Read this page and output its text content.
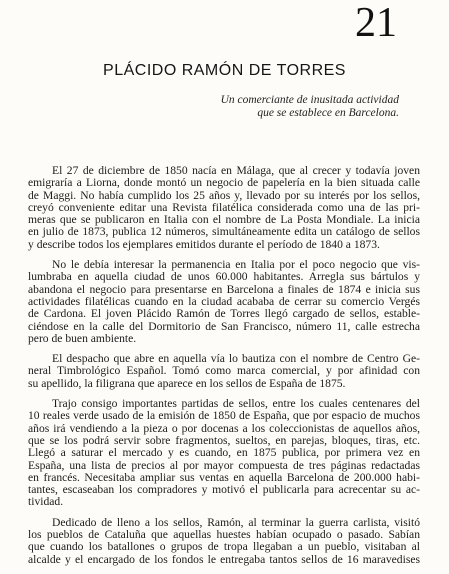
21
PLÁCIDO RAMÓN DE TORRES
Un comerciante de inusitada actividad
que se establece en Barcelona.
El 27 de diciembre de 1850 nacía en Málaga, que al crecer y todavía joven
emigraría a Liorna, donde montó un negocio de papelería en la bien situada calle
de Maggi. No había cumplido los 25 años y, llevado por su interés por los sellos,
creyó conveniente editar una Revista filatélica considerada como una de las pri-
meras que se publicaron en Italia con el nombre de La Posta Mondiale. La inicia
en julio de 1873, publica 12 números, simultáneamente edita un catálogo de sellos
y describe todos los ejemplares emitidos durante el período de 1840 a 1873.
No le debía interesar la permanencia en Italia por el poco negocio que vis-
lumbraba en aquella ciudad de unos 60.000 habitantes. Arregla sus bártulos y
abandona el negocio para presentarse en Barcelona a finales de 1874 e inicia sus
actividades filatélicas cuando en la ciudad acababa de cerrar su comercio Vergés
de Cardona. El joven Plácido Ramón de Torres llegó cargado de sellos, estable-
ciéndose en la calle del Dormitorio de San Francisco, número 11, calle estrecha
pero de buen ambiente.
El despacho que abre en aquella vía lo bautiza con el nombre de Centro Ge-
neral Timbrológico Español. Tomó como marca comercial, y por afinidad con
su apellido, la filigrana que aparece en los sellos de España de 1875.
Trajo consigo importantes partidas de sellos, entre los cuales centenares del
10 reales verde usado de la emisión de 1850 de España, que por espacio de muchos
años irá vendiendo a la pieza o por docenas a los coleccionistas de aquellos años,
que se los podrá servir sobre fragmentos, sueltos, en parejas, bloques, tiras, etc.
Llegó a saturar el mercado y es cuando, en 1875 publica, por primera vez en
España, una lista de precios al por mayor compuesta de tres páginas redactadas
en francés. Necesitaba ampliar sus ventas en aquella Barcelona de 200.000 habi-
tantes, escaseaban los compradores y motivó el publicarla para acrecentar su ac-
tividad.
Dedicado de lleno a los sellos, Ramón, al terminar la guerra carlista, visitó
los pueblos de Cataluña que aquellas huestes habían ocupado o pasado. Sabían
que cuando los batallones o grupos de tropa llegaban a un pueblo, visitaban al
alcalde y el encargado de los fondos le entregaba tantos sellos de 16 maravedises
